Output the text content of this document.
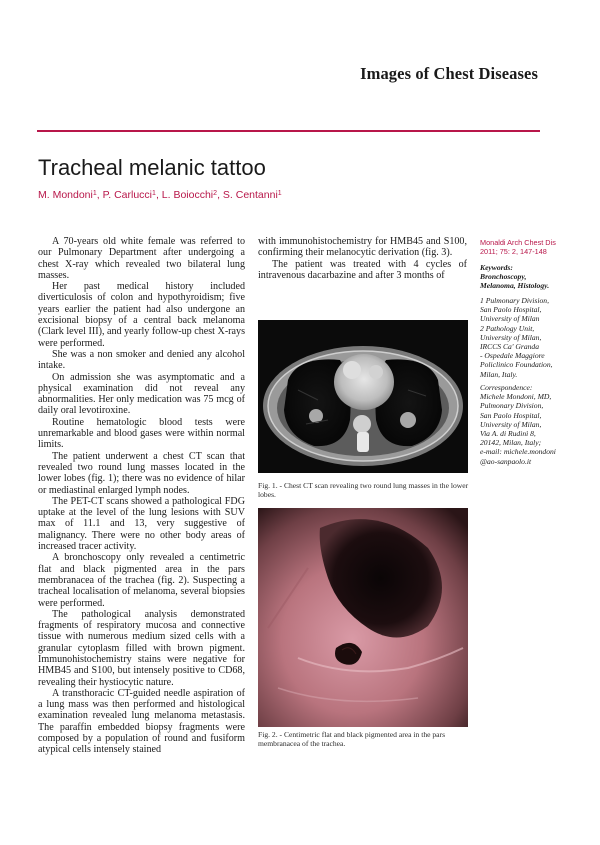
Images of Chest Diseases
Tracheal melanic tattoo
M. Mondoni$^1$, P. Carlucci$^1$, L. Boiocchi$^2$, S. Centanni$^1$

A 70-years old white female was referred to our Pulmonary Department after undergoing a chest X-ray which revealed two bilateral lung masses.

Her past medical history included diverticulosis of colon and hypothyroidism; five years earlier the patient had also undergone an excisional biopsy of a central back melanoma (Clark level III), and yearly follow-up chest X-rays were performed.

She was a non smoker and denied any alcohol intake.

On admission she was asymptomatic and a physical examination did not reveal any abnormalities. Her only medication was 75 mcg of daily oral levotiroxine.

Routine hematologic blood tests were unremarkable and blood gases were within normal limits.

The patient underwent a chest CT scan that revealed two round lung masses located in the lower lobes (fig. 1); there was no evidence of hilar or mediastinal enlarged lymph nodes.

The PET-CT scans showed a pathological FDG uptake at the level of the lung lesions with SUV max of 11.1 and 13, very suggestive of malignancy. There were no other body areas of increased tracer activity.

A bronchoscopy only revealed a centimetric flat and black pigmented area in the pars membranacea of the trachea (fig. 2). Suspecting a tracheal localisation of melanoma, several biopsies were performed.

The pathological analysis demonstrated fragments of respiratory mucosa and connective tissue with numerous medium sized cells with a granular cytoplasm filled with brown pigment. Immunohistochemistry stains were negative for HMB45 and S100, but intensely positive to CD68, revealing their hystiocytic nature.

A transthoracic CT-guided needle aspiration of a lung mass was then performed and histological examination revealed lung melanoma metastasis. The paraffin embedded biopsy fragments were composed by a population of round and fusiform atypical cells intensely stained

with immunohistochemistry for HMB45 and S100, confirming their melanocytic derivation (fig. 3).

The patient was treated with 4 cycles of intravenous dacarbazine and after 3 months of

Fig. 1. - Chest CT scan revealing two round lung masses in the lower lobes.
Fig. 2. - Centimetric flat and black pigmented area in the pars membranacea of the trachea.
Monaldi Arch Chest Dis
2011; 75: 2, 147-148
Keywords:
Bronchoscopy,
Melanoma, Histology.
1 Pulmonary Division,
San Paolo Hospital,
University of Milan
2 Pathology Unit,
University of Milan,
IRCCS Ca' Granda
- Ospedale Maggiore
Policlinico Foundation,
Milan, Italy.
Correspondence:
Michele Mondoni, MD,
Pulmonary Division,
San Paolo Hospital,
University of Milan,
Via A. di Rudinì 8,
20142, Milan, Italy;
e-mail: michele.mondoni
@ao-sanpaolo.it
